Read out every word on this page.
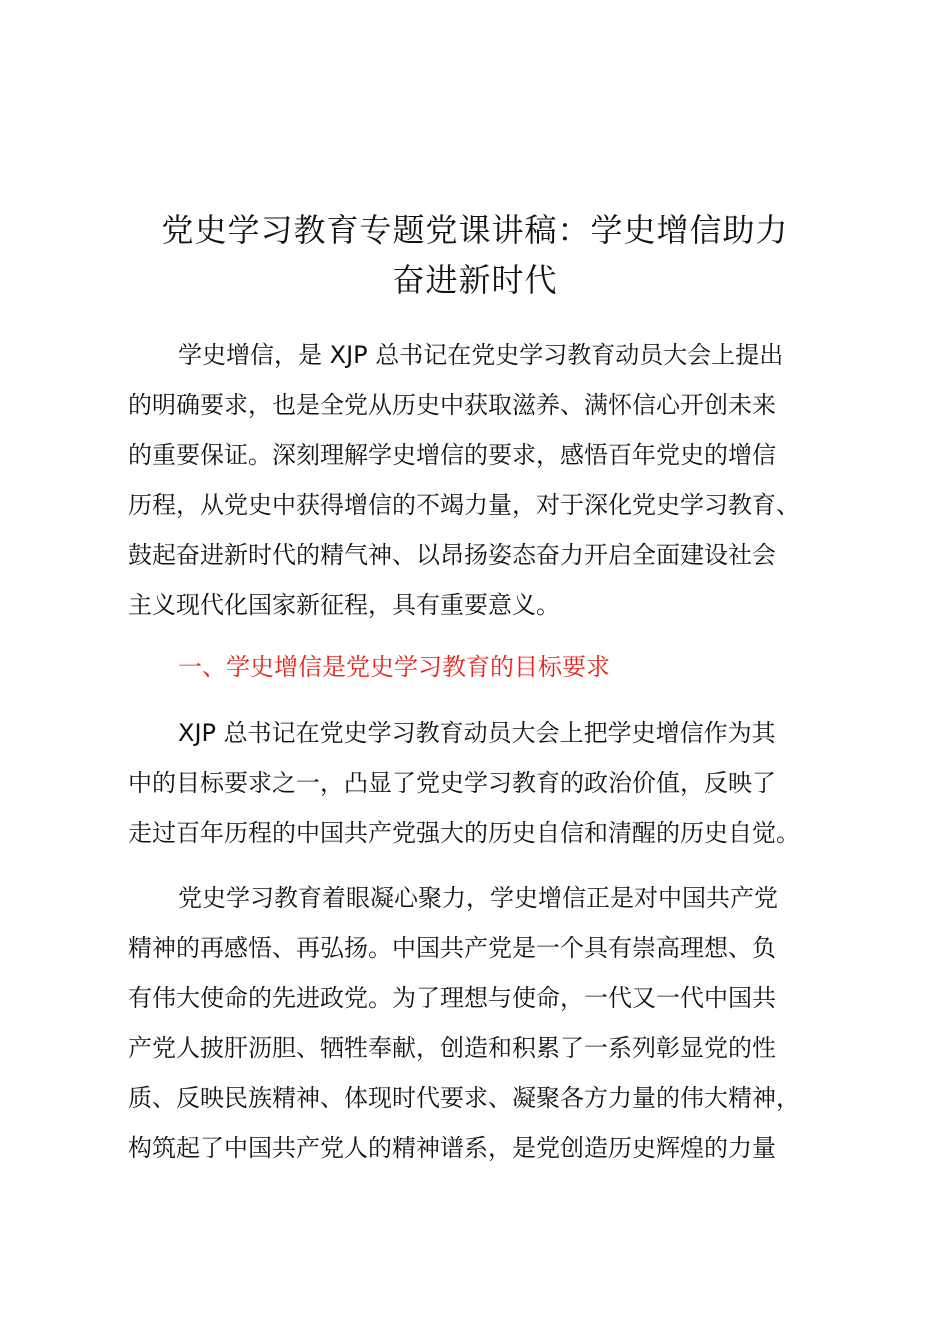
党史学习教育专题党课讲稿：学史增信助力
奋进新时代

学史增信，是 XJP 总书记在党史学习教育动员大会上提出
的明确要求，也是全党从历史中获取滋养、满怀信心开创未来
的重要保证。深刻理解学史增信的要求，感悟百年党史的增信
历程，从党史中获得增信的不竭力量，对于深化党史学习教育、
鼓起奋进新时代的精气神、以昂扬姿态奋力开启全面建设社会
主义现代化国家新征程，具有重要意义。

一、学史增信是党史学习教育的目标要求

XJP 总书记在党史学习教育动员大会上把学史增信作为其
中的目标要求之一，凸显了党史学习教育的政治价值，反映了
走过百年历程的中国共产党强大的历史自信和清醒的历史自觉。

党史学习教育着眼凝心聚力，学史增信正是对中国共产党
精神的再感悟、再弘扬。中国共产党是一个具有崇高理想、负
有伟大使命的先进政党。为了理想与使命，一代又一代中国共
产党人披肝沥胆、牺牲奉献，创造和积累了一系列彰显党的性
质、反映民族精神、体现时代要求、凝聚各方力量的伟大精神，
构筑起了中国共产党人的精神谱系，是党创造历史辉煌的力量
